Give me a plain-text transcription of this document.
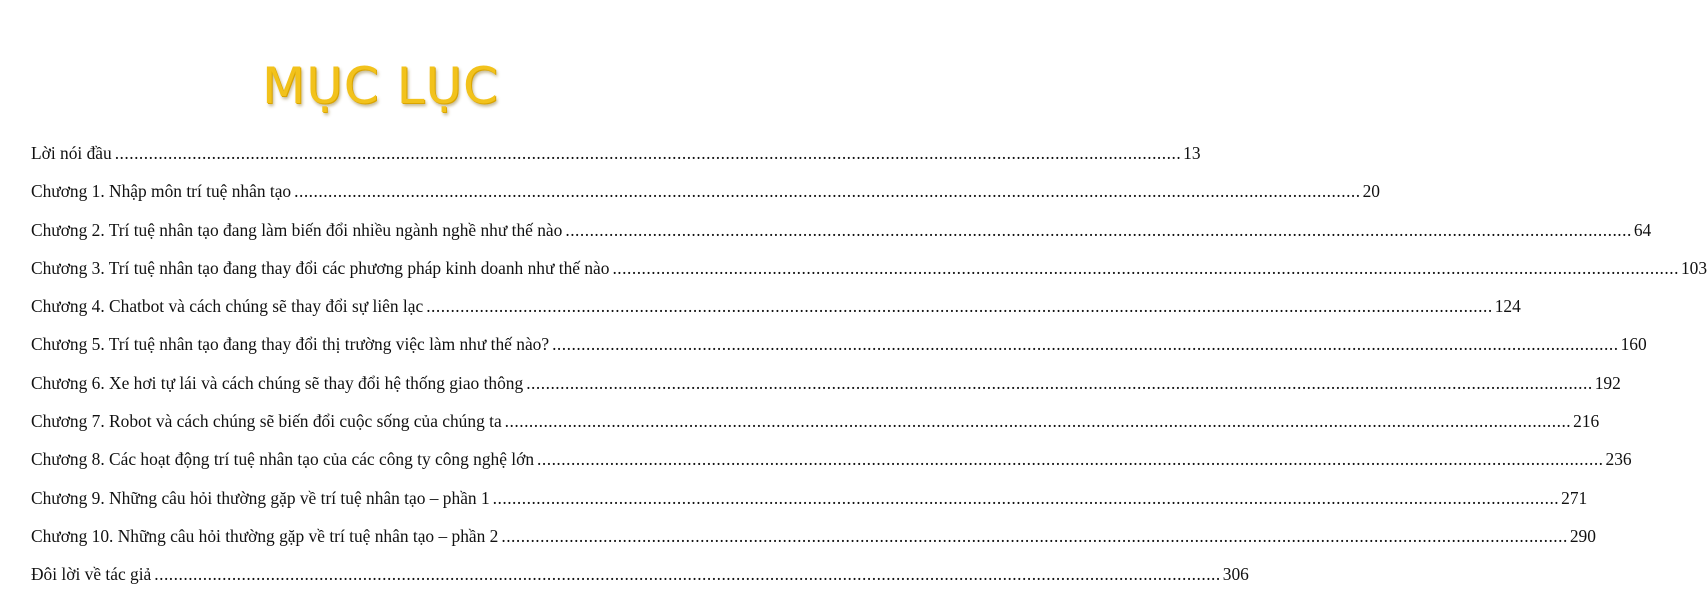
MỤC LỤC
Lời nói đầu ............................................................................................................................................................................................................................ 13
Chương 1. Nhập môn trí tuệ nhân tạo ............................................................................................................................................................................................................................ 20
Chương 2. Trí tuệ nhân tạo đang làm biến đổi nhiều ngành nghề như thế nào ............................................................................................................................................................................................................................ 64
Chương 3. Trí tuệ nhân tạo đang thay đổi các phương pháp kinh doanh như thế nào ............................................................................................................................................................................................................................ 103
Chương 4. Chatbot và cách chúng sẽ thay đổi sự liên lạc ............................................................................................................................................................................................................................ 124
Chương 5. Trí tuệ nhân tạo đang thay đổi thị trường việc làm như thế nào? ............................................................................................................................................................................................................................ 160
Chương 6. Xe hơi tự lái và cách chúng sẽ thay đổi hệ thống giao thông ............................................................................................................................................................................................................................ 192
Chương 7. Robot và cách chúng sẽ biến đổi cuộc sống của chúng ta ............................................................................................................................................................................................................................ 216
Chương 8. Các hoạt động trí tuệ nhân tạo của các công ty công nghệ lớn ............................................................................................................................................................................................................................ 236
Chương 9. Những câu hỏi thường gặp về trí tuệ nhân tạo – phần 1 ............................................................................................................................................................................................................................ 271
Chương 10. Những câu hỏi thường gặp về trí tuệ nhân tạo – phần 2 ............................................................................................................................................................................................................................ 290
Đôi lời về tác giả ............................................................................................................................................................................................................................ 306
